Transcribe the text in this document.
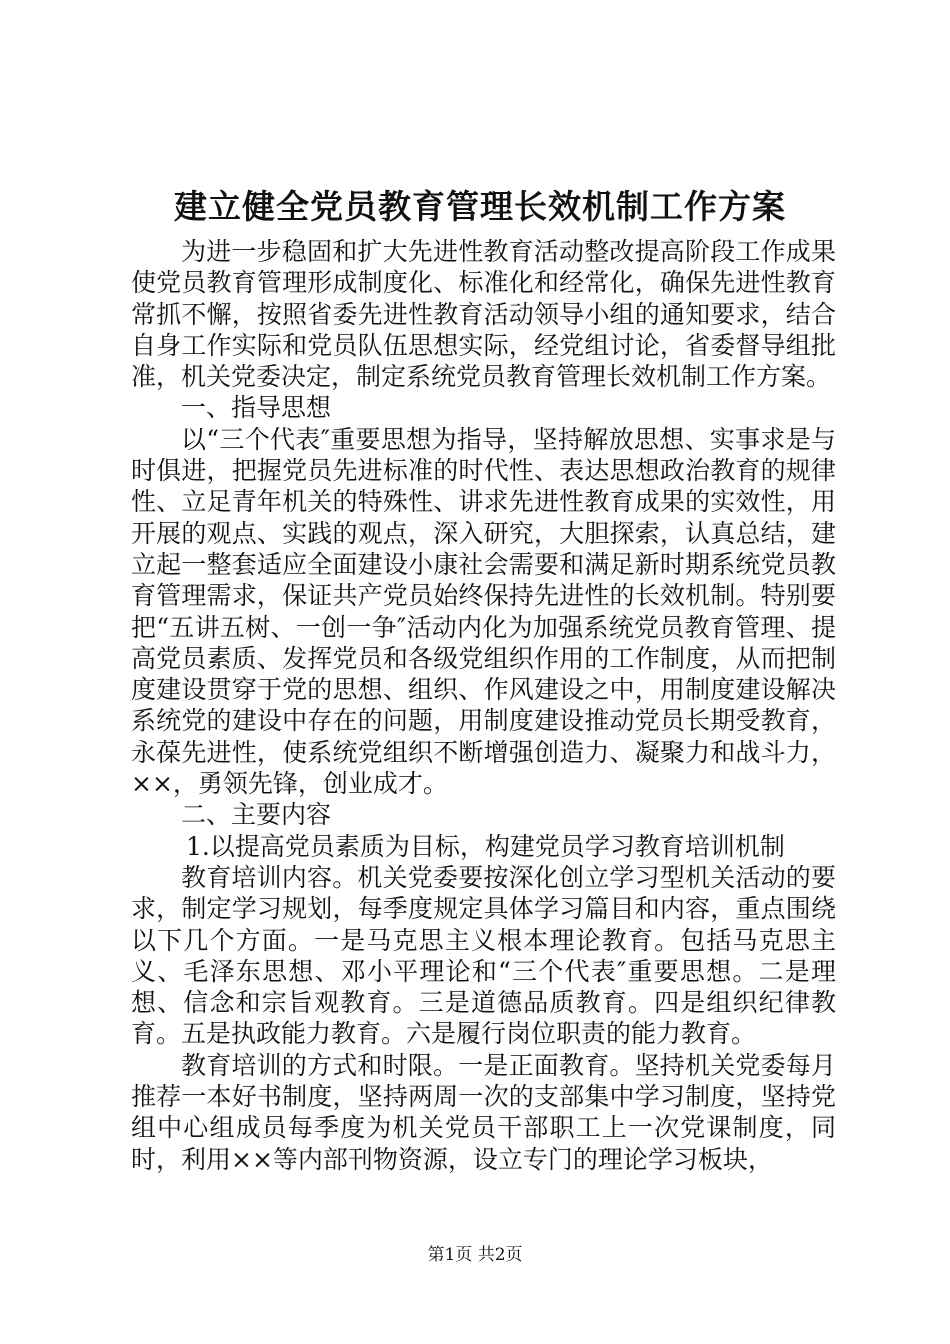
建立健全党员教育管理长效机制工作方案

为进一步稳固和扩大先进性教育活动整改提高阶段工作成果使党员教育管理形成制度化、标准化和经常化，确保先进性教育常抓不懈，按照省委先进性教育活动领导小组的通知要求，结合自身工作实际和党员队伍思想实际，经党组讨论，省委督导组批准，机关党委决定，制定系统党员教育管理长效机制工作方案。

一、指导思想

以“三个代表″重要思想为指导，坚持解放思想、实事求是与时俱进，把握党员先进标准的时代性、表达思想政治教育的规律性、立足青年机关的特殊性、讲求先进性教育成果的实效性，用开展的观点、实践的观点，深入研究，大胆探索，认真总结，建立起一整套适应全面建设小康社会需要和满足新时期系统党员教育管理需求，保证共产党员始终保持先进性的长效机制。特别要把“五讲五树、一创一争″活动内化为加强系统党员教育管理、提高党员素质、发挥党员和各级党组织作用的工作制度，从而把制度建设贯穿于党的思想、组织、作风建设之中，用制度建设解决系统党的建设中存在的问题，用制度建设推动党员长期受教育，永葆先进性，使系统党组织不断增强创造力、凝聚力和战斗力，××，勇领先锋，创业成才。

二、主要内容

1.以提高党员素质为目标，构建党员学习教育培训机制

教育培训内容。机关党委要按深化创立学习型机关活动的要求，制定学习规划，每季度规定具体学习篇目和内容，重点围绕以下几个方面。一是马克思主义根本理论教育。包括马克思主义、毛泽东思想、邓小平理论和“三个代表″重要思想。二是理想、信念和宗旨观教育。三是道德品质教育。四是组织纪律教育。五是执政能力教育。六是履行岗位职责的能力教育。

教育培训的方式和时限。一是正面教育。坚持机关党委每月推荐一本好书制度，坚持两周一次的支部集中学习制度，坚持党组中心组成员每季度为机关党员干部职工上一次党课制度，同时，利用××等内部刊物资源，设立专门的理论学习板块，

第1页 共2页
